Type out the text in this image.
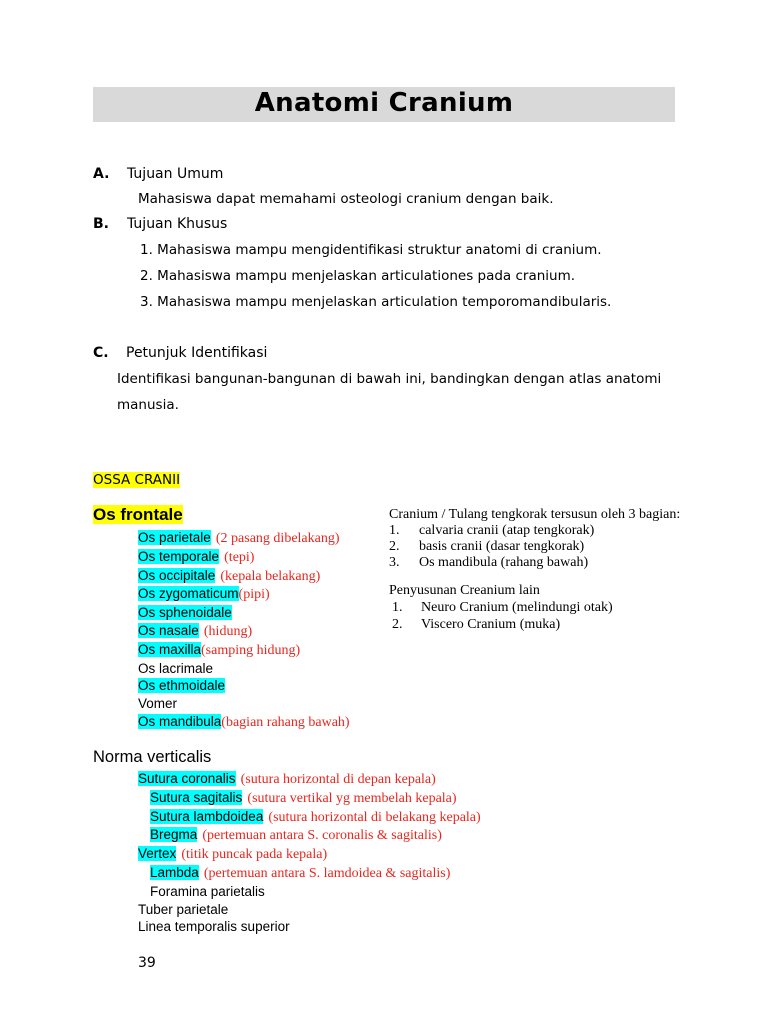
Anatomi Cranium
A. Tujuan Umum
Mahasiswa dapat memahami osteologi cranium dengan baik.
B. Tujuan Khusus
1. Mahasiswa mampu mengidentifikasi struktur anatomi di cranium.
2. Mahasiswa mampu menjelaskan articulationes pada cranium.
3. Mahasiswa mampu menjelaskan articulation temporomandibularis.
C. Petunjuk Identifikasi
Identifikasi bangunan-bangunan di bawah ini, bandingkan dengan atlas anatomi
manusia.
OSSA CRANII
Os frontale
Os parietale (2 pasang dibelakang)
Os temporale (tepi)
Os occipitale (kepala belakang)
Os zygomaticum(pipi)
Os sphenoidale
Os nasale (hidung)
Os maxilla(samping hidung)
Os lacrimale
Os ethmoidale
Vomer
Os mandibula(bagian rahang bawah)
Cranium / Tulang tengkorak tersusun oleh 3 bagian:
1. calvaria cranii (atap tengkorak)
2. basis cranii (dasar tengkorak)
3. Os mandibula (rahang bawah)
Penyusunan Creanium lain
1. Neuro Cranium (melindungi otak)
2. Viscero Cranium (muka)
Norma verticalis
Sutura coronalis (sutura horizontal di depan kepala)
Sutura sagitalis (sutura vertikal yg membelah kepala)
Sutura lambdoidea (sutura horizontal di belakang kepala)
Bregma (pertemuan antara S. coronalis & sagitalis)
Vertex (titik puncak pada kepala)
Lambda (pertemuan antara S. lamdoidea & sagitalis)
Foramina parietalis
Tuber parietale
Linea temporalis superior
39
